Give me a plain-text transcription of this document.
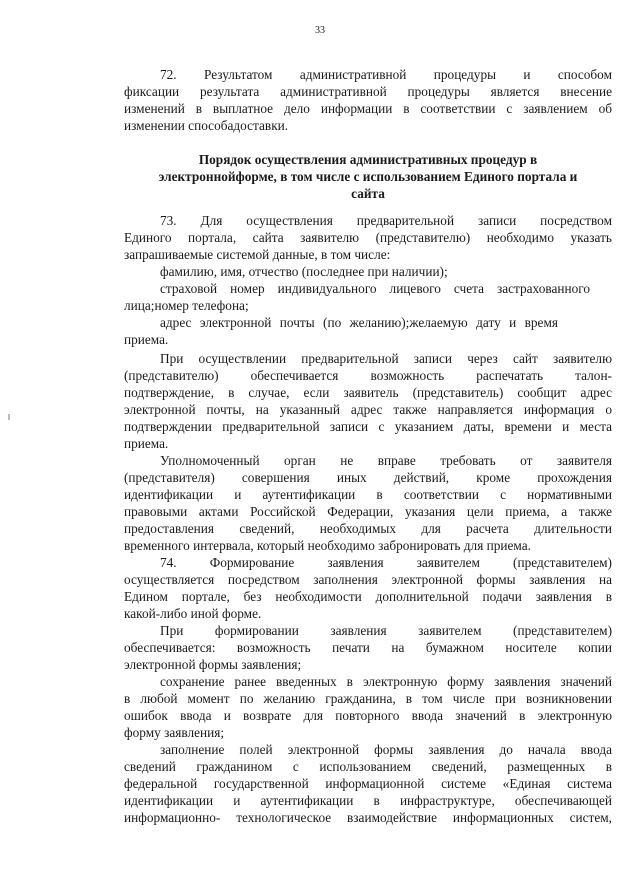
33
72. Результатом административной процедуры и способом
фиксации результата административной процедуры является внесение
изменений в выплатное дело информации в соответствии с заявлением об
изменении способадоставки.
Порядок осуществления административных процедур в
электроннойформе, в том числе с использованием Единого портала и
сайта
73. Для осуществления предварительной записи посредством
Единого портала, сайта заявителю (представителю) необходимо указать
запрашиваемые системой данные, в том числе:
фамилию, имя, отчество (последнее при наличии);
страховой номер индивидуального лицевого счета застрахованного
лица;номер телефона;
адрес электронной почты (по желанию);желаемую дату и время
приема.
При осуществлении предварительной записи через сайт заявителю
(представителю) обеспечивается возможность распечатать талон-
подтверждение, в случае, если заявитель (представитель) сообщит адрес
электронной почты, на указанный адрес также направляется информация о
подтверждении предварительной записи с указанием даты, времени и места
приема.
Уполномоченный орган не вправе требовать от заявителя
(представителя) совершения иных действий, кроме прохождения
идентификации и аутентификации в соответствии с нормативными
правовыми актами Российской Федерации, указания цели приема, а также
предоставления сведений, необходимых для расчета длительности
временного интервала, который необходимо забронировать для приема.
74. Формирование заявления заявителем (представителем)
осуществляется посредством заполнения электронной формы заявления на
Едином портале, без необходимости дополнительной подачи заявления в
какой-либо иной форме.
При формировании заявления заявителем (представителем)
обеспечивается: возможность печати на бумажном носителе копии
электронной формы заявления;
сохранение ранее введенных в электронную форму заявления значений
в любой момент по желанию гражданина, в том числе при возникновении
ошибок ввода и возврате для повторного ввода значений в электронную
форму заявления;
заполнение полей электронной формы заявления до начала ввода
сведений гражданином с использованием сведений, размещенных в
федеральной государственной информационной системе «Единая система
идентификации и аутентификации в инфраструктуре, обеспечивающей
информационно- технологическое взаимодействие информационных систем,
